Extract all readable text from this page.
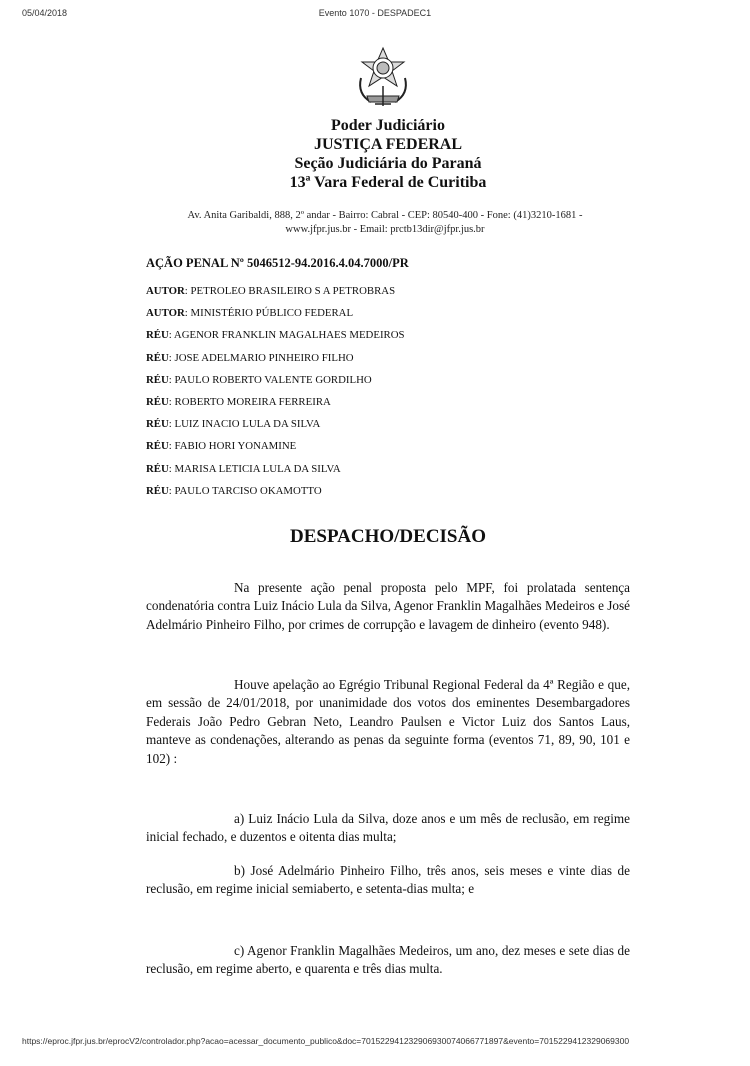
05/04/2018	Evento 1070 - DESPADEC1
Poder Judiciário
JUSTIÇA FEDERAL
Seção Judiciária do Paraná
13ª Vara Federal de Curitiba
Av. Anita Garibaldi, 888, 2º andar - Bairro: Cabral - CEP: 80540-400 - Fone: (41)3210-1681 -
www.jfpr.jus.br - Email: prctb13dir@jfpr.jus.br
AÇÃO PENAL Nº 5046512-94.2016.4.04.7000/PR
AUTOR: PETROLEO BRASILEIRO S A PETROBRAS
AUTOR: MINISTÉRIO PÚBLICO FEDERAL
RÉU: AGENOR FRANKLIN MAGALHAES MEDEIROS
RÉU: JOSE ADELMARIO PINHEIRO FILHO
RÉU: PAULO ROBERTO VALENTE GORDILHO
RÉU: ROBERTO MOREIRA FERREIRA
RÉU: LUIZ INACIO LULA DA SILVA
RÉU: FABIO HORI YONAMINE
RÉU: MARISA LETICIA LULA DA SILVA
RÉU: PAULO TARCISO OKAMOTTO
DESPACHO/DECISÃO

Na presente ação penal proposta pelo MPF, foi prolatada sentença condenatória contra Luiz Inácio Lula da Silva, Agenor Franklin Magalhães Medeiros e José Adelmário Pinheiro Filho, por crimes de corrupção e lavagem de dinheiro (evento 948).

Houve apelação ao Egrégio Tribunal Regional Federal da 4ª Região e que, em sessão de 24/01/2018, por unanimidade dos votos dos eminentes Desembargadores Federais João Pedro Gebran Neto, Leandro Paulsen e Victor Luiz dos Santos Laus, manteve as condenações, alterando as penas da seguinte forma (eventos 71, 89, 90, 101 e 102) :

a) Luiz Inácio Lula da Silva, doze anos e um mês de reclusão, em regime inicial fechado, e duzentos e oitenta dias multa;

b) José Adelmário Pinheiro Filho, três anos, seis meses e vinte dias de reclusão, em regime inicial semiaberto, e setenta-dias multa; e

c) Agenor Franklin Magalhães Medeiros, um ano, dez meses e sete dias de reclusão, em regime aberto, e quarenta e três dias multa.

https://eproc.jfpr.jus.br/eprocV2/controlador.php?acao=acessar_documento_publico&doc=701522941232906930074066771897&evento=7015229412329069300
